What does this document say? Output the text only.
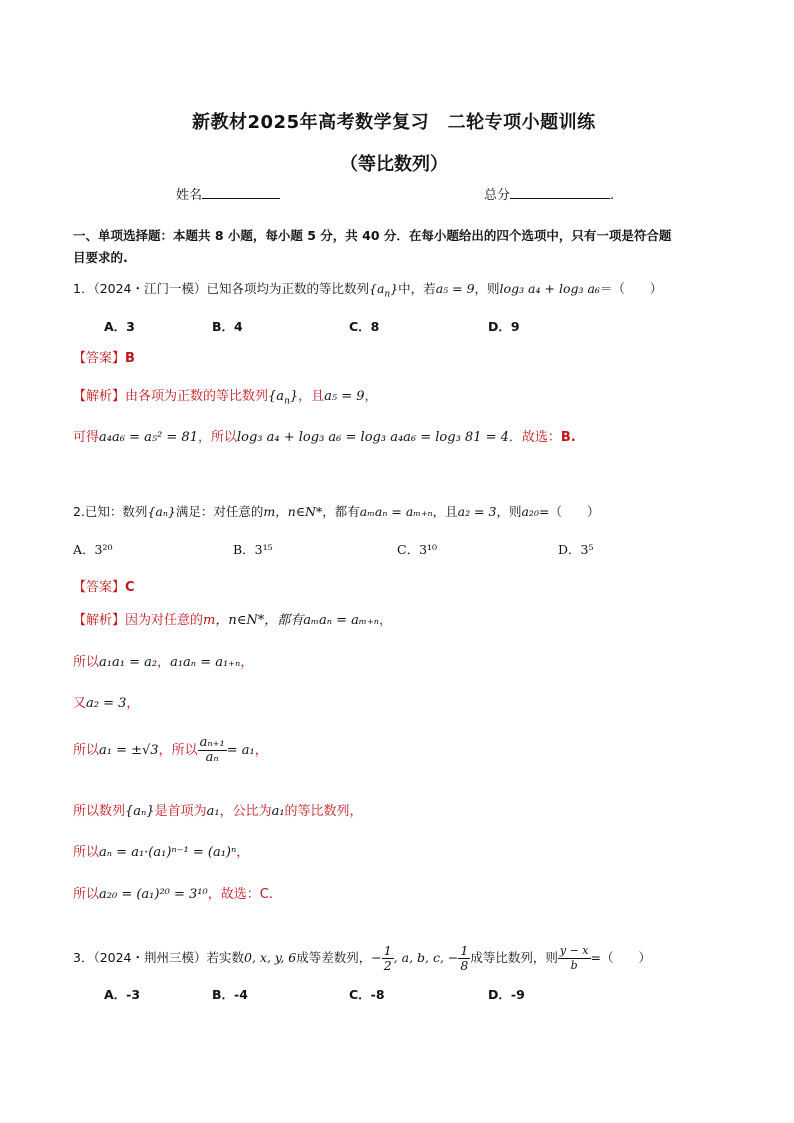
新教材2025年高考数学复习　二轮专项小题训练
（等比数列）
姓名	总分	.
一、单项选择题：本题共 8 小题，每小题 5 分，共 40 分．在每小题给出的四个选项中，只有一项是符合题
目要求的.
1．（2024・江门一模）已知各项均为正数的等比数列$\{a_n\}$中，若a₅ = 9，则log₃ a₄ + log₃ a₆＝（　　）
A．3	B．4	C．8	D．9
【答案】B
【解析】由各项为正数的等比数列$\{a_n\}$，且a₅ = 9，
可得a₄a₆ = a₅² = 81，所以log₃ a₄ + log₃ a₆ = log₃ a₄a₆ = log₃ 81 = 4．故选：B.
2.已知：数列{aₙ}满足：对任意的m，n∈N*，都有aₘaₙ = aₘ₊ₙ，且a₂ = 3，则a₂₀=（　　）
A．3²⁰	B．3¹⁵	C．3¹⁰	D．3⁵
【答案】C
【解析】因为对任意的m，n∈N*，都有aₘaₙ = aₘ₊ₙ，
所以a₁a₁ = a₂，a₁aₙ = a₁₊ₙ，
又a₂ = 3，
所以a₁ = ±√3，所以 $\frac{\text{aₙ₊₁}}{\text{aₙ}} = a_1$，
所以数列{aₙ}是首项为a₁，公比为a₁的等比数列，
所以aₙ = a₁·(a₁)ⁿ⁻¹ = (a₁)ⁿ，
所以a₂₀ = (a₁)²⁰ = 3¹⁰，故选：C.
3．（2024・荆州三模）若实数0, x, y, 6成等差数列，− $\frac{1}{2}$ , a, b, c, − $\frac{1}{8}$ 成等比数列，则 $\frac{y - x}{b}$ =（　　）
A．-3	B．-4	C．-8	D．-9
